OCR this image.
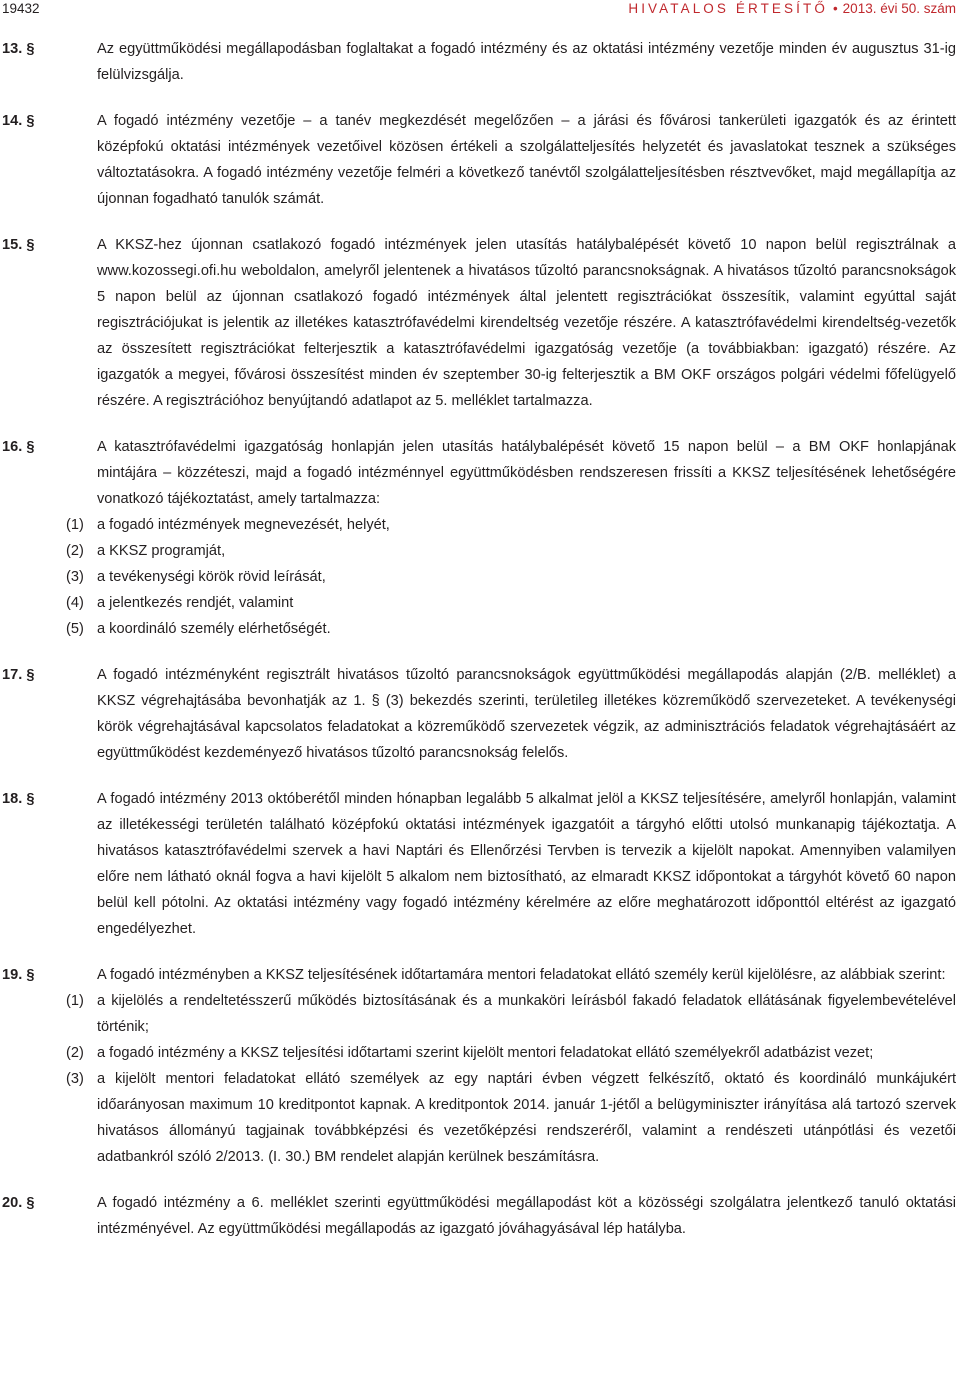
19432	HIVATALOS ÉRTESÍTŐ • 2013. évi 50. szám
13. §	Az együttműködési megállapodásban foglaltakat a fogadó intézmény és az oktatási intézmény vezetője minden év augusztus 31-ig felülvizsgálja.
14. §	A fogadó intézmény vezetője – a tanév megkezdését megelőzően – a járási és fővárosi tankerületi igazgatók és az érintett középfokú oktatási intézmények vezetőivel közösen értékeli a szolgálatteljesítés helyzetét és javaslatokat tesznek a szükséges változtatásokra. A fogadó intézmény vezetője felméri a következő tanévtől szolgálatteljesítésben résztvevőket, majd megállapítja az újonnan fogadható tanulók számát.
15. §	A KKSZ-hez újonnan csatlakozó fogadó intézmények jelen utasítás hatálybalépését követő 10 napon belül regisztrálnak a www.kozossegi.ofi.hu weboldalon, amelyről jelentenek a hivatásos tűzoltó parancsnokságnak. A hivatásos tűzoltó parancsnokságok 5 napon belül az újonnan csatlakozó fogadó intézmények által jelentett regisztrációkat összesítik, valamint egyúttal saját regisztrációjukat is jelentik az illetékes katasztrófavédelmi kirendeltség vezetője részére. A katasztrófavédelmi kirendeltség-vezetők az összesített regisztrációkat felterjesztik a katasztrófavédelmi igazgatóság vezetője (a továbbiakban: igazgató) részére. Az igazgatók a megyei, fővárosi összesítést minden év szeptember 30-ig felterjesztik a BM OKF országos polgári védelmi főfelügyelő részére. A regisztrációhoz benyújtandó adatlapot az 5. melléklet tartalmazza.
16. §	A katasztrófavédelmi igazgatóság honlapján jelen utasítás hatálybalépését követő 15 napon belül – a BM OKF honlapjának mintájára – közzéteszi, majd a fogadó intézménnyel együttműködésben rendszeresen frissíti a KKSZ teljesítésének lehetőségére vonatkozó tájékoztatást, amely tartalmazza:
(1) a fogadó intézmények megnevezését, helyét,
(2) a KKSZ programját,
(3) a tevékenységi körök rövid leírását,
(4) a jelentkezés rendjét, valamint
(5) a koordináló személy elérhetőségét.
17. §	A fogadó intézményként regisztrált hivatásos tűzoltó parancsnokságok együttműködési megállapodás alapján (2/B. melléklet) a KKSZ végrehajtásába bevonhatják az 1. § (3) bekezdés szerinti, területileg illetékes közreműködő szervezeteket. A tevékenységi körök végrehajtásával kapcsolatos feladatokat a közreműködő szervezetek végzik, az adminisztrációs feladatok végrehajtásáért az együttműködést kezdeményező hivatásos tűzoltó parancsnokság felelős.
18. §	A fogadó intézmény 2013 októberétől minden hónapban legalább 5 alkalmat jelöl a KKSZ teljesítésére, amelyről honlapján, valamint az illetékességi területén található középfokú oktatási intézmények igazgatóit a tárgyhó előtti utolsó munkanapig tájékoztatja. A hivatásos katasztrófavédelmi szervek a havi Naptári és Ellenőrzési Tervben is tervezik a kijelölt napokat. Amennyiben valamilyen előre nem látható oknál fogva a havi kijelölt 5 alkalom nem biztosítható, az elmaradt KKSZ időpontokat a tárgyhót követő 60 napon belül kell pótolni. Az oktatási intézmény vagy fogadó intézmény kérelmére az előre meghatározott időponttól eltérést az igazgató engedélyezhet.
19. §	A fogadó intézményben a KKSZ teljesítésének időtartamára mentori feladatokat ellátó személy kerül kijelölésre, az alábbiak szerint:
(1) a kijelölés a rendeltetésszerű működés biztosításának és a munkaköri leírásból fakadó feladatok ellátásának figyelembevételével történik;
(2) a fogadó intézmény a KKSZ teljesítési időtartami szerint kijelölt mentori feladatokat ellátó személyekről adatbázist vezet;
(3) a kijelölt mentori feladatokat ellátó személyek az egy naptári évben végzett felkészítő, oktató és koordináló munkájukért időarányosan maximum 10 kreditpontot kapnak. A kreditpontok 2014. január 1-jétől a belügyminiszter irányítása alá tartozó szervek hivatásos állományú tagjainak továbbképzési és vezetőképzési rendszeréről, valamint a rendészeti utánpótlási és vezetői adatbankról szóló 2/2013. (I. 30.) BM rendelet alapján kerülnek beszámításra.
20. §	A fogadó intézmény a 6. melléklet szerinti együttműködési megállapodást köt a közösségi szolgálatra jelentkező tanuló oktatási intézményével. Az együttműködési megállapodás az igazgató jóváhagyásával lép hatályba.
